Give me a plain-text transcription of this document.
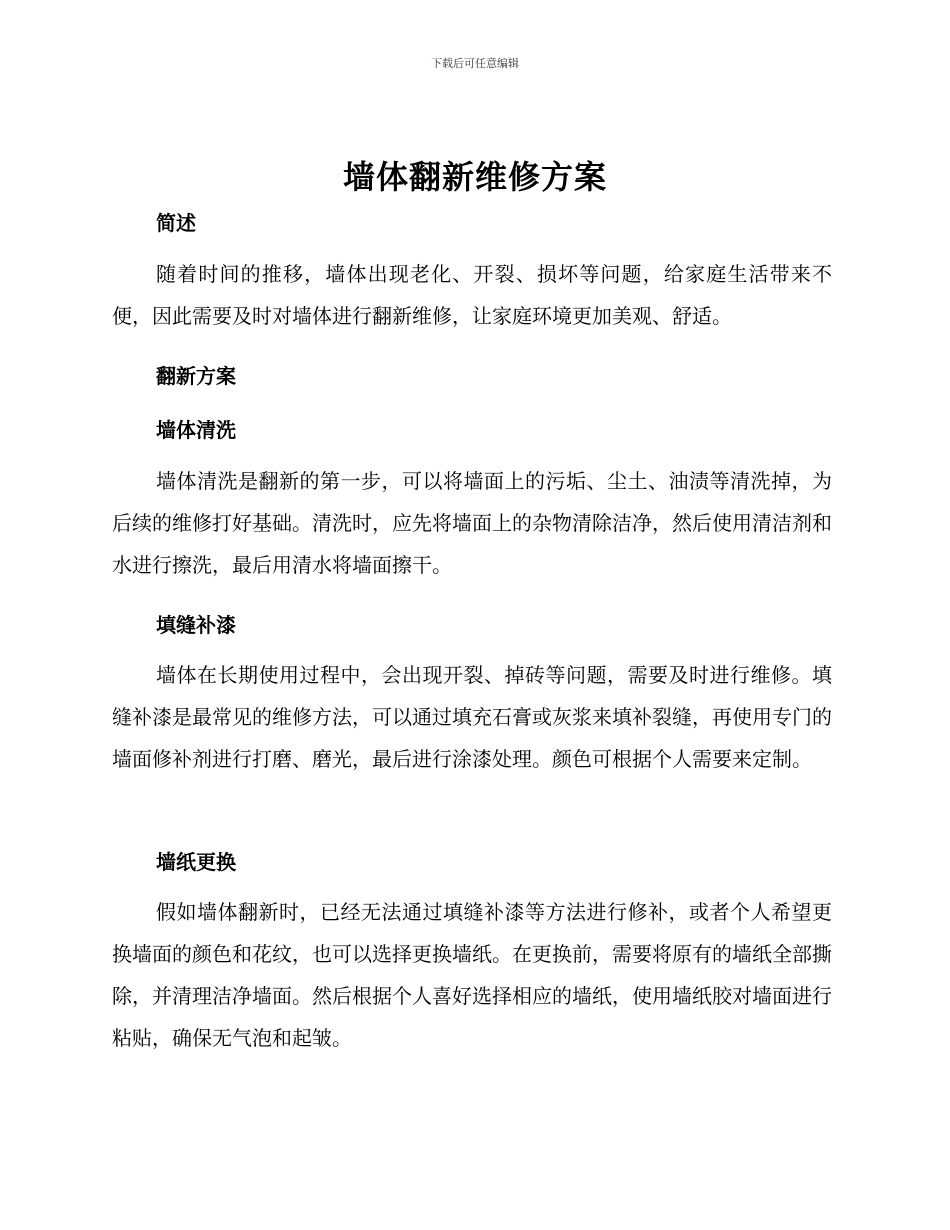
下载后可任意编辑
墙体翻新维修方案
简述
随着时间的推移，墙体出现老化、开裂、损坏等问题，给家庭生活带来不便，因此需要及时对墙体进行翻新维修，让家庭环境更加美观、舒适。
翻新方案
墙体清洗
墙体清洗是翻新的第一步，可以将墙面上的污垢、尘土、油渍等清洗掉，为后续的维修打好基础。清洗时，应先将墙面上的杂物清除洁净，然后使用清洁剂和水进行擦洗，最后用清水将墙面擦干。
填缝补漆
墙体在长期使用过程中，会出现开裂、掉砖等问题，需要及时进行维修。填缝补漆是最常见的维修方法，可以通过填充石膏或灰浆来填补裂缝，再使用专门的墙面修补剂进行打磨、磨光，最后进行涂漆处理。颜色可根据个人需要来定制。
墙纸更换
假如墙体翻新时，已经无法通过填缝补漆等方法进行修补，或者个人希望更换墙面的颜色和花纹，也可以选择更换墙纸。在更换前，需要将原有的墙纸全部撕除，并清理洁净墙面。然后根据个人喜好选择相应的墙纸，使用墙纸胶对墙面进行粘贴，确保无气泡和起皱。
